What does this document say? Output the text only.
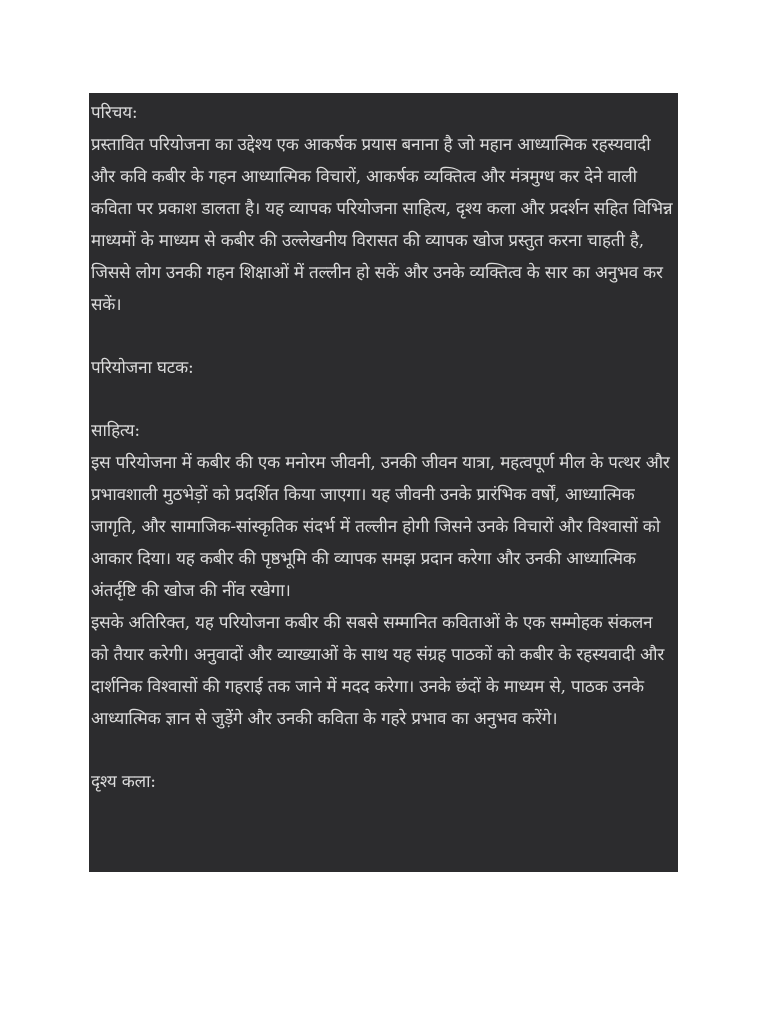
परिचय:

प्रस्तावित परियोजना का उद्देश्य एक आकर्षक प्रयास बनाना है जो महान आध्यात्मिक रहस्यवादी और कवि कबीर के गहन आध्यात्मिक विचारों, आकर्षक व्यक्तित्व और मंत्रमुग्ध कर देने वाली कविता पर प्रकाश डालता है। यह व्यापक परियोजना साहित्य, दृश्य कला और प्रदर्शन सहित विभिन्न माध्यमों के माध्यम से कबीर की उल्लेखनीय विरासत की व्यापक खोज प्रस्तुत करना चाहती है, जिससे लोग उनकी गहन शिक्षाओं में तल्लीन हो सकें और उनके व्यक्तित्व के सार का अनुभव कर सकें।

परियोजना घटक:

साहित्य:

इस परियोजना में कबीर की एक मनोरम जीवनी, उनकी जीवन यात्रा, महत्वपूर्ण मील के पत्थर और प्रभावशाली मुठभेड़ों को प्रदर्शित किया जाएगा। यह जीवनी उनके प्रारंभिक वर्षों, आध्यात्मिक जागृति, और सामाजिक-सांस्कृतिक संदर्भ में तल्लीन होगी जिसने उनके विचारों और विश्वासों को आकार दिया। यह कबीर की पृष्ठभूमि की व्यापक समझ प्रदान करेगा और उनकी आध्यात्मिक अंतर्दृष्टि की खोज की नींव रखेगा।

इसके अतिरिक्त, यह परियोजना कबीर की सबसे सम्मानित कविताओं के एक सम्मोहक संकलन को तैयार करेगी। अनुवादों और व्याख्याओं के साथ यह संग्रह पाठकों को कबीर के रहस्यवादी और दार्शनिक विश्वासों की गहराई तक जाने में मदद करेगा। उनके छंदों के माध्यम से, पाठक उनके आध्यात्मिक ज्ञान से जुड़ेंगे और उनकी कविता के गहरे प्रभाव का अनुभव करेंगे।

दृश्य कला:
